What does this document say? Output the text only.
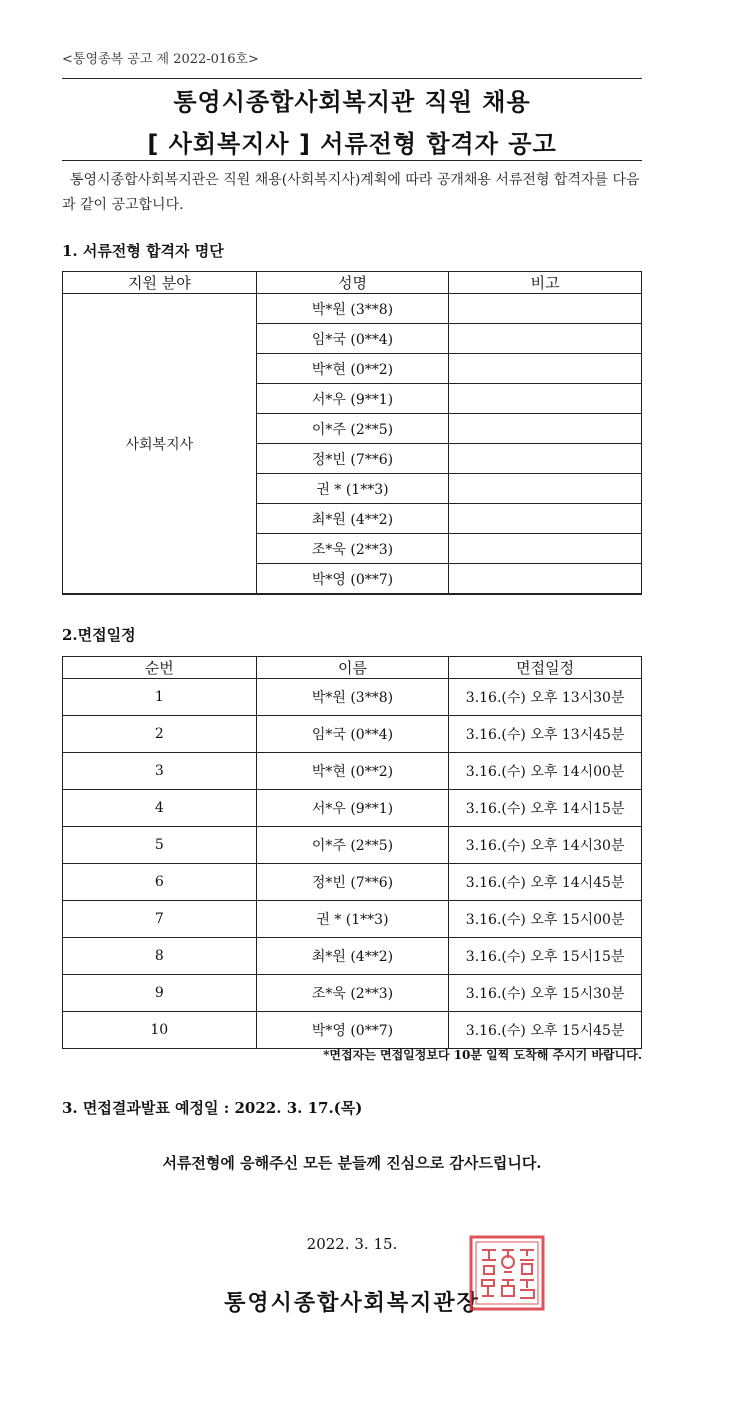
<통영종복 공고 제 2022-016호>
통영시종합사회복지관 직원 채용
[ 사회복지사 ] 서류전형 합격자 공고
통영시종합사회복지관은 직원 채용(사회복지사)계획에 따라 공개채용 서류전형 합격자를 다음과 같이 공고합니다.
1. 서류전형 합격자 명단
지원 분야	성명	비고
사회복지사	박*원 (3**8)	
	임*국 (0**4)	
	박*현 (0**2)	
	서*우 (9**1)	
	이*주 (2**5)	
	정*빈 (7**6)	
	권 * (1**3)	
	최*원 (4**2)	
	조*욱 (2**3)	
	박*영 (0**7)	
2.면접일정
순번	이름	면접일정
1	박*원 (3**8)	3.16.(수) 오후 13시30분
2	임*국 (0**4)	3.16.(수) 오후 13시45분
3	박*현 (0**2)	3.16.(수) 오후 14시00분
4	서*우 (9**1)	3.16.(수) 오후 14시15분
5	이*주 (2**5)	3.16.(수) 오후 14시30분
6	정*빈 (7**6)	3.16.(수) 오후 14시45분
7	권 * (1**3)	3.16.(수) 오후 15시00분
8	최*원 (4**2)	3.16.(수) 오후 15시15분
9	조*욱 (2**3)	3.16.(수) 오후 15시30분
10	박*영 (0**7)	3.16.(수) 오후 15시45분
*면접자는 면접일정보다 10분 일찍 도착해 주시기 바랍니다.
3. 면접결과발표 예정일 : 2022. 3. 17.(목)
서류전형에 응해주신 모든 분들께 진심으로 감사드립니다.
2022. 3. 15.
통영시종합사회복지관장
